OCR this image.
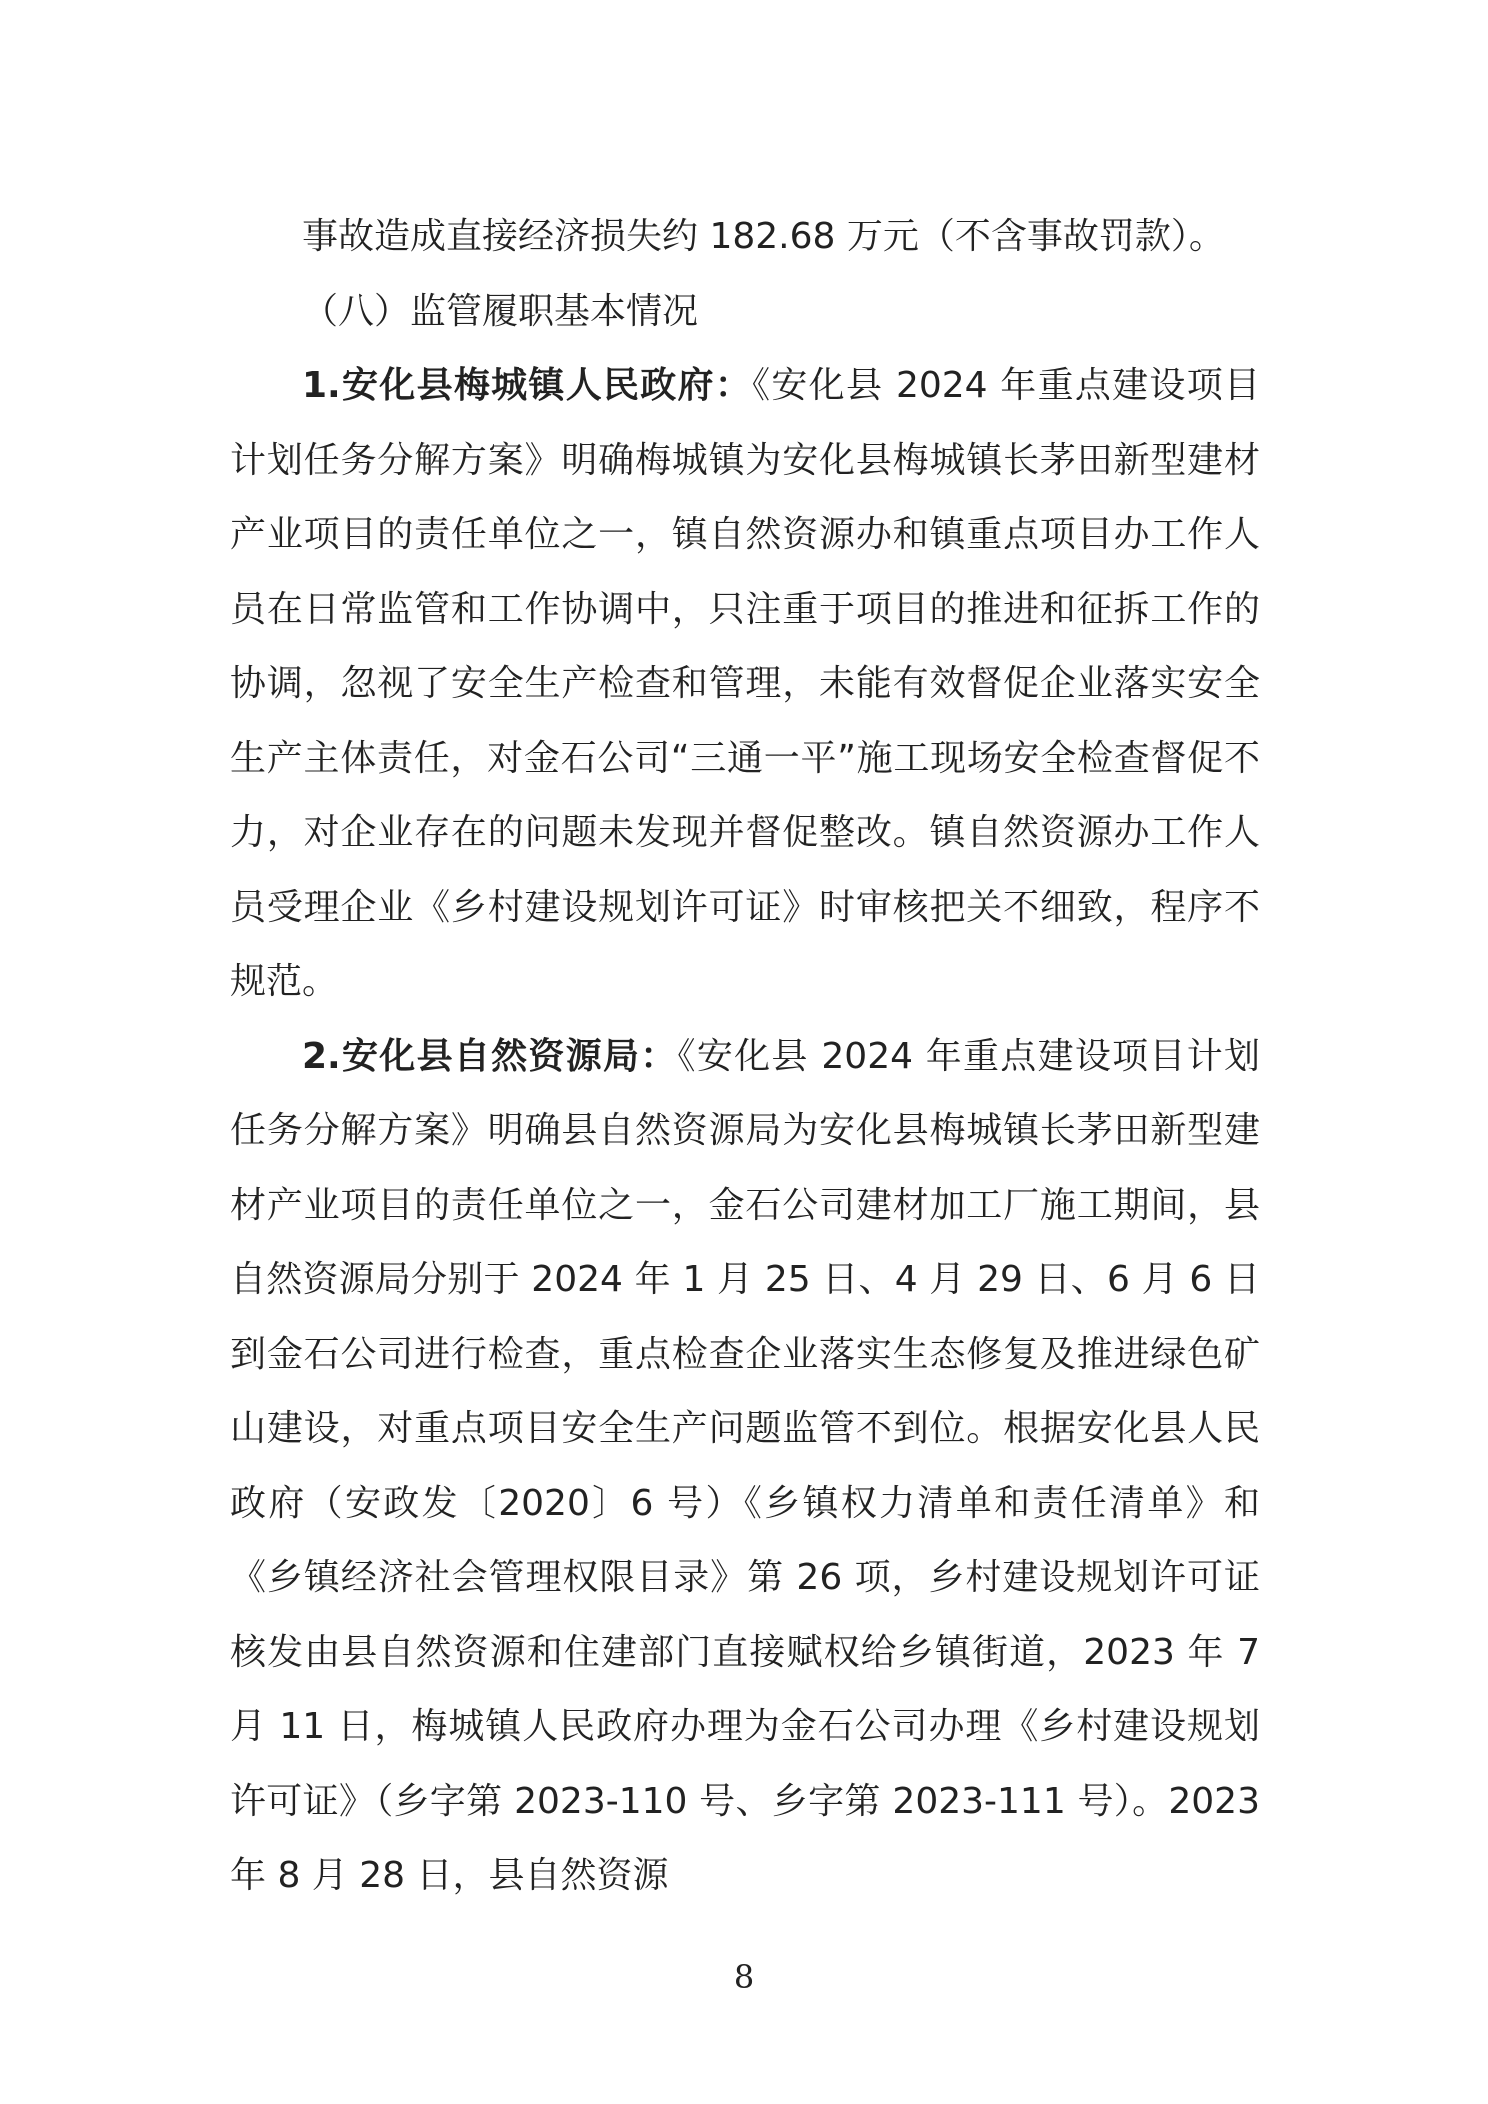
事故造成直接经济损失约 182.68 万元（不含事故罚款）。

（八）监管履职基本情况

1.安化县梅城镇人民政府：《安化县 2024 年重点建设项目计划任务分解方案》明确梅城镇为安化县梅城镇长茅田新型建材产业项目的责任单位之一，镇自然资源办和镇重点项目办工作人员在日常监管和工作协调中，只注重于项目的推进和征拆工作的协调，忽视了安全生产检查和管理，未能有效督促企业落实安全生产主体责任，对金石公司“三通一平”施工现场安全检查督促不力，对企业存在的问题未发现并督促整改。镇自然资源办工作人员受理企业《乡村建设规划许可证》时审核把关不细致，程序不规范。

2.安化县自然资源局：《安化县 2024 年重点建设项目计划任务分解方案》明确县自然资源局为安化县梅城镇长茅田新型建材产业项目的责任单位之一，金石公司建材加工厂施工期间，县自然资源局分别于 2024 年 1 月 25 日、4 月 29 日、6 月 6 日到金石公司进行检查，重点检查企业落实生态修复及推进绿色矿山建设，对重点项目安全生产问题监管不到位。根据安化县人民政府（安政发〔2020〕6 号）《乡镇权力清单和责任清单》和《乡镇经济社会管理权限目录》第 26 项，乡村建设规划许可证核发由县自然资源和住建部门直接赋权给乡镇街道，2023 年 7 月 11 日，梅城镇人民政府办理为金石公司办理《乡村建设规划许可证》（乡字第 2023-110 号、乡字第 2023-111 号）。2023 年 8 月 28 日，县自然资源

8
